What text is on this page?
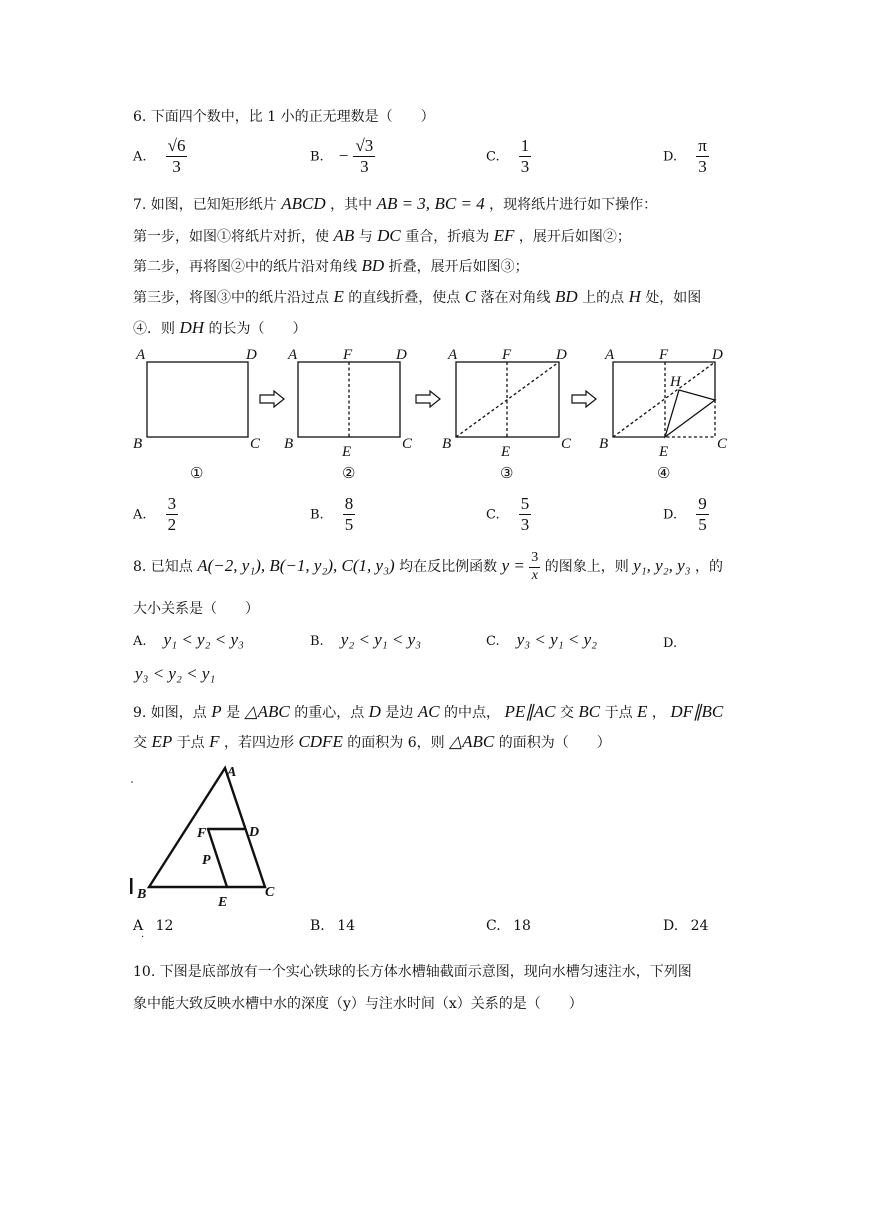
6. 下面四个数中，比 1 小的正无理数是（　　）
A. $\frac{√6}{3}$	B. − $\frac{√3}{3}$	C. $\frac{1}{3}$	D. $\frac{\pi}{3}$
7. 如图，已知矩形纸片 ABCD ，其中 AB = 3, BC = 4 ，现将纸片进行如下操作：
第一步，如图①将纸片对折，使 AB 与 DC 重合，折痕为 EF ，展开后如图②；
第二步，再将图②中的纸片沿对角线 BD 折叠，展开后如图③；
第三步，将图③中的纸片沿过点 E 的直线折叠，使点 C 落在对角线 BD 上的点 H 处，如图
④．则 DH 的长为（　　）
A	D
B	C
A	F	D
B	E	C
A	F	D
B	E	C
A	F	D
H
B	E	C
①	②	③	④
A. $\frac{3}{2}$	B. $\frac{8}{5}$	C. $\frac{5}{3}$	D. $\frac{9}{5}$
8. 已知点 A(−2, y₁), B(−1, y₂), C(1, y₃) 均在反比例函数 $y = \frac{3}{x}$ 的图象上，则 y₁, y₂, y₃ ，的
大小关系是（　　）
A. y₁ < y₂ < y₃	B. y₂ < y₁ < y₃	C. y₃ < y₁ < y₂	D.
y₃ < y₂ < y₁
9. 如图，点 P 是 △ABC 的重心，点 D 是边 AC 的中点， PE∥AC 交 BC 于点 E ， DF∥BC
交 EP 于点 F ，若四边形 CDFE 的面积为 6，则 △ABC 的面积为（　　）
A
F	D
P
B
E
C
A 12
·
B. 14	C. 18	D. 24
10. 下图是底部放有一个实心铁球的长方体水槽轴截面示意图，现向水槽匀速注水，下列图
象中能大致反映水槽中水的深度（y）与注水时间（x）关系的是（　　）
